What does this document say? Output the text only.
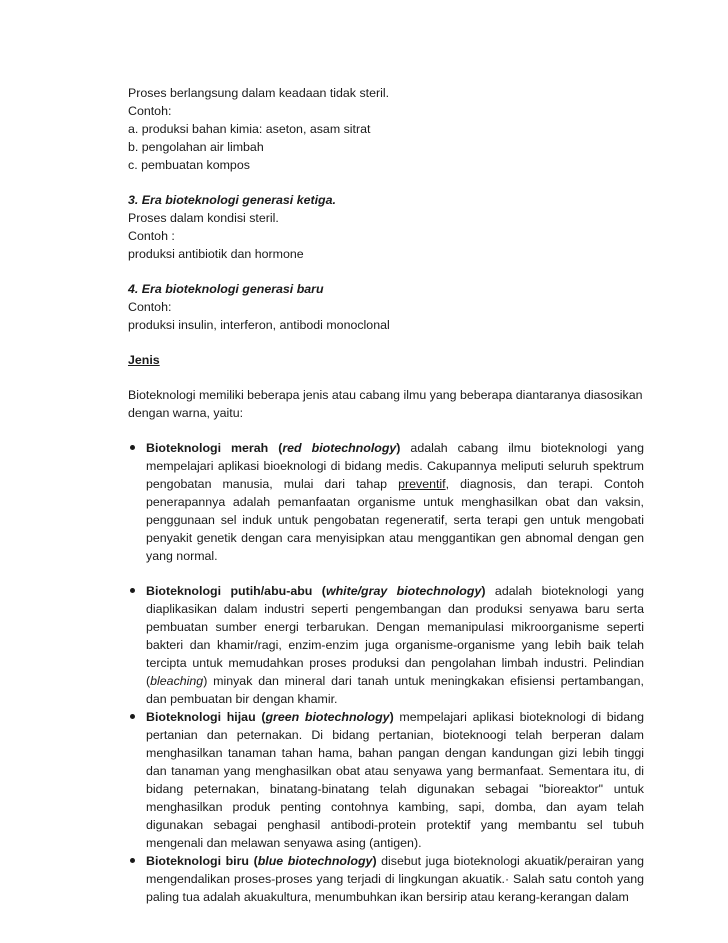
Proses berlangsung dalam keadaan tidak steril.

Contoh:

a. produksi bahan kimia: aseton, asam sitrat

b. pengolahan air limbah

c. pembuatan kompos

3. Era bioteknologi generasi ketiga.

Proses dalam kondisi steril.

Contoh :

produksi antibiotik dan hormone

4. Era bioteknologi generasi baru

Contoh:

produksi insulin, interferon, antibodi monoclonal

Jenis

Bioteknologi memiliki beberapa jenis atau cabang ilmu yang beberapa diantaranya diasosikan dengan warna, yaitu:

Bioteknologi merah (red biotechnology) adalah cabang ilmu bioteknologi yang mempelajari aplikasi bioeknologi di bidang medis. Cakupannya meliputi seluruh spektrum pengobatan manusia, mulai dari tahap preventif, diagnosis, dan terapi. Contoh penerapannya adalah pemanfaatan organisme untuk menghasilkan obat dan vaksin, penggunaan sel induk untuk pengobatan regeneratif, serta terapi gen untuk mengobati penyakit genetik dengan cara menyisipkan atau menggantikan gen abnomal dengan gen yang normal.
Bioteknologi putih/abu-abu (white/gray biotechnology) adalah bioteknologi yang diaplikasikan dalam industri seperti pengembangan dan produksi senyawa baru serta pembuatan sumber energi terbarukan. Dengan memanipulasi mikroorganisme seperti bakteri dan khamir/ragi, enzim-enzim juga organisme-organisme yang lebih baik telah tercipta untuk memudahkan proses produksi dan pengolahan limbah industri. Pelindian (bleaching) minyak dan mineral dari tanah untuk meningkakan efisiensi pertambangan, dan pembuatan bir dengan khamir.
Bioteknologi hijau (green biotechnology) mempelajari aplikasi bioteknologi di bidang pertanian dan peternakan. Di bidang pertanian, bioteknoogi telah berperan dalam menghasilkan tanaman tahan hama, bahan pangan dengan kandungan gizi lebih tinggi dan tanaman yang menghasilkan obat atau senyawa yang bermanfaat. Sementara itu, di bidang peternakan, binatang-binatang telah digunakan sebagai "bioreaktor" untuk menghasilkan produk penting contohnya kambing, sapi, domba, dan ayam telah digunakan sebagai penghasil antibodi-protein protektif yang membantu sel tubuh mengenali dan melawan senyawa asing (antigen).
Bioteknologi biru (blue biotechnology) disebut juga bioteknologi akuatik/perairan yang mengendalikan proses-proses yang terjadi di lingkungan akuatik.· Salah satu contoh yang paling tua adalah akuakultura, menumbuhkan ikan bersirip atau kerang-kerangan dalam
